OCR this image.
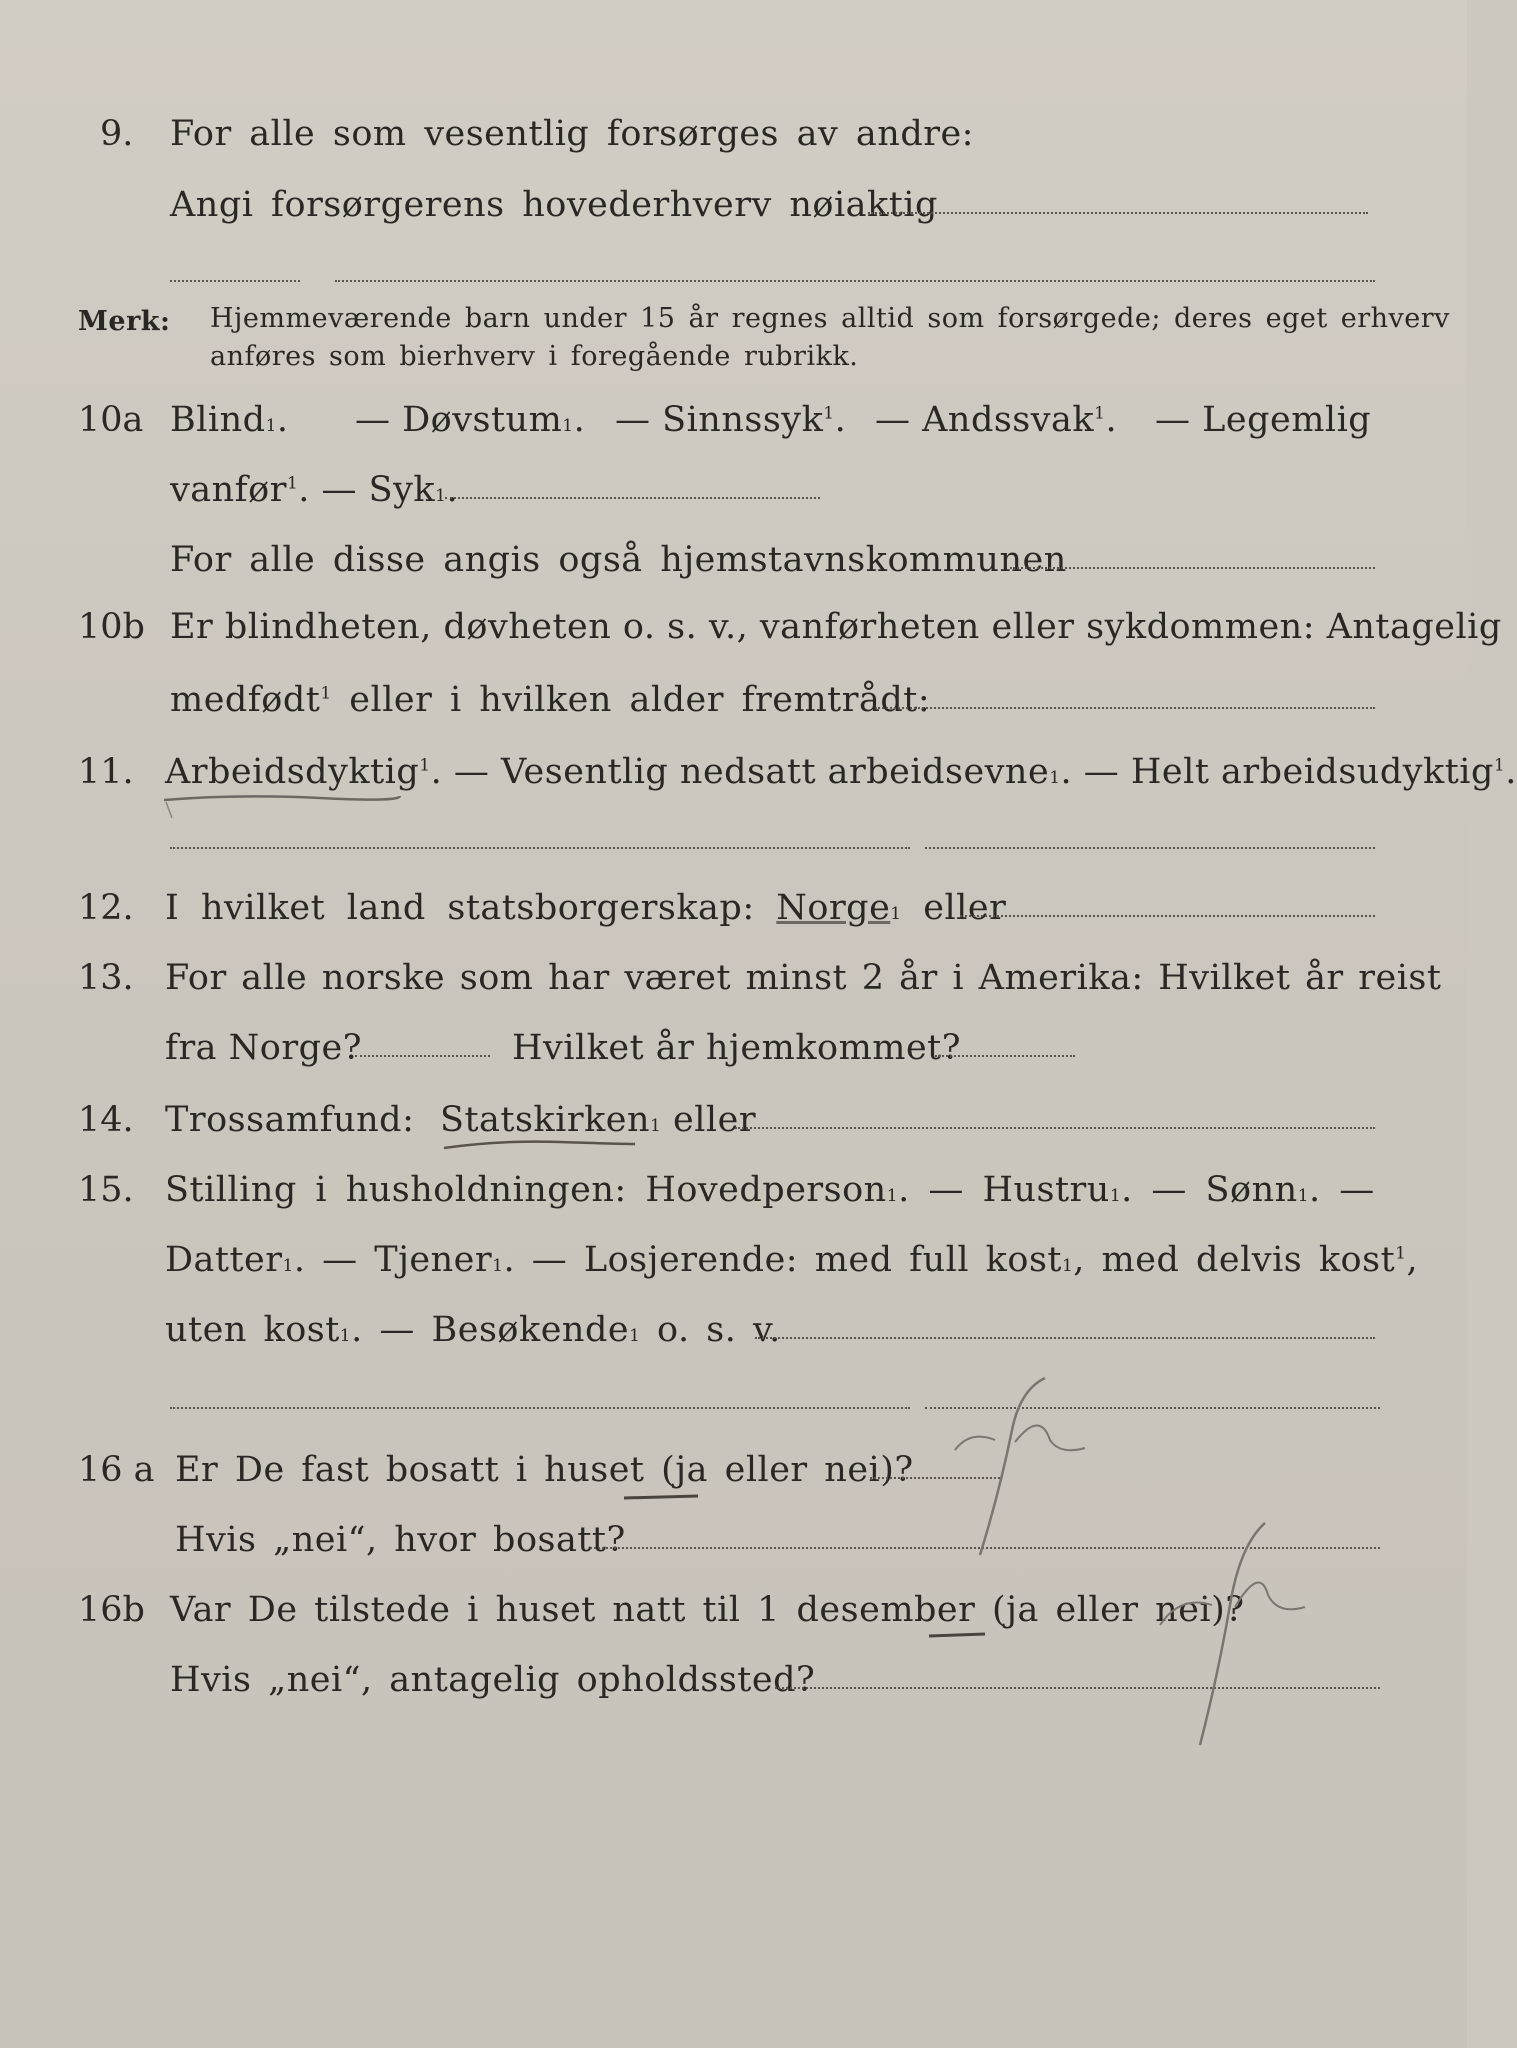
9. For alle som vesentlig forsørges av andre:
Angi forsørgerens hovederhverv nøiaktig
Merk: Hjemmeværende barn under 15 år regnes alltid som forsørgede; deres eget erhverv
anføres som bierhverv i foregående rubrikk.
10a Blind1. — Døvstum1. — Sinnssyk$^1$. — Andssvak$^1$. — Legemlig
vanfør$^1$. — Syk1.
For alle disse angis også hjemstavnskommunen
10b Er blindheten, døvheten o. s. v., vanførheten eller sykdommen: Antagelig
medfødt$^1$ eller i hvilken alder fremtrådt:
11. Arbeidsdyktig$^1$. — Vesentlig nedsatt arbeidsevne1. — Helt arbeidsudyktig$^1$.
12. I hvilket land statsborgerskap: Norge1 eller
13. For alle norske som har været minst 2 år i Amerika: Hvilket år reist
fra Norge?	Hvilket år hjemkommet?
14. Trossamfund: Statskirken1 eller
15. Stilling i husholdningen: Hovedperson1. — Hustru1. — Sønn1. —
Datter1. — Tjener1. — Losjerende: med full kost1, med delvis kost$^1$,
uten kost1. — Besøkende1 o. s. v.
16 a Er De fast bosatt i huset (ja eller nei)?
Hvis „nei“, hvor bosatt?
16b Var De tilstede i huset natt til 1 desember (ja eller nei)?
Hvis „nei“, antagelig opholdssted?
